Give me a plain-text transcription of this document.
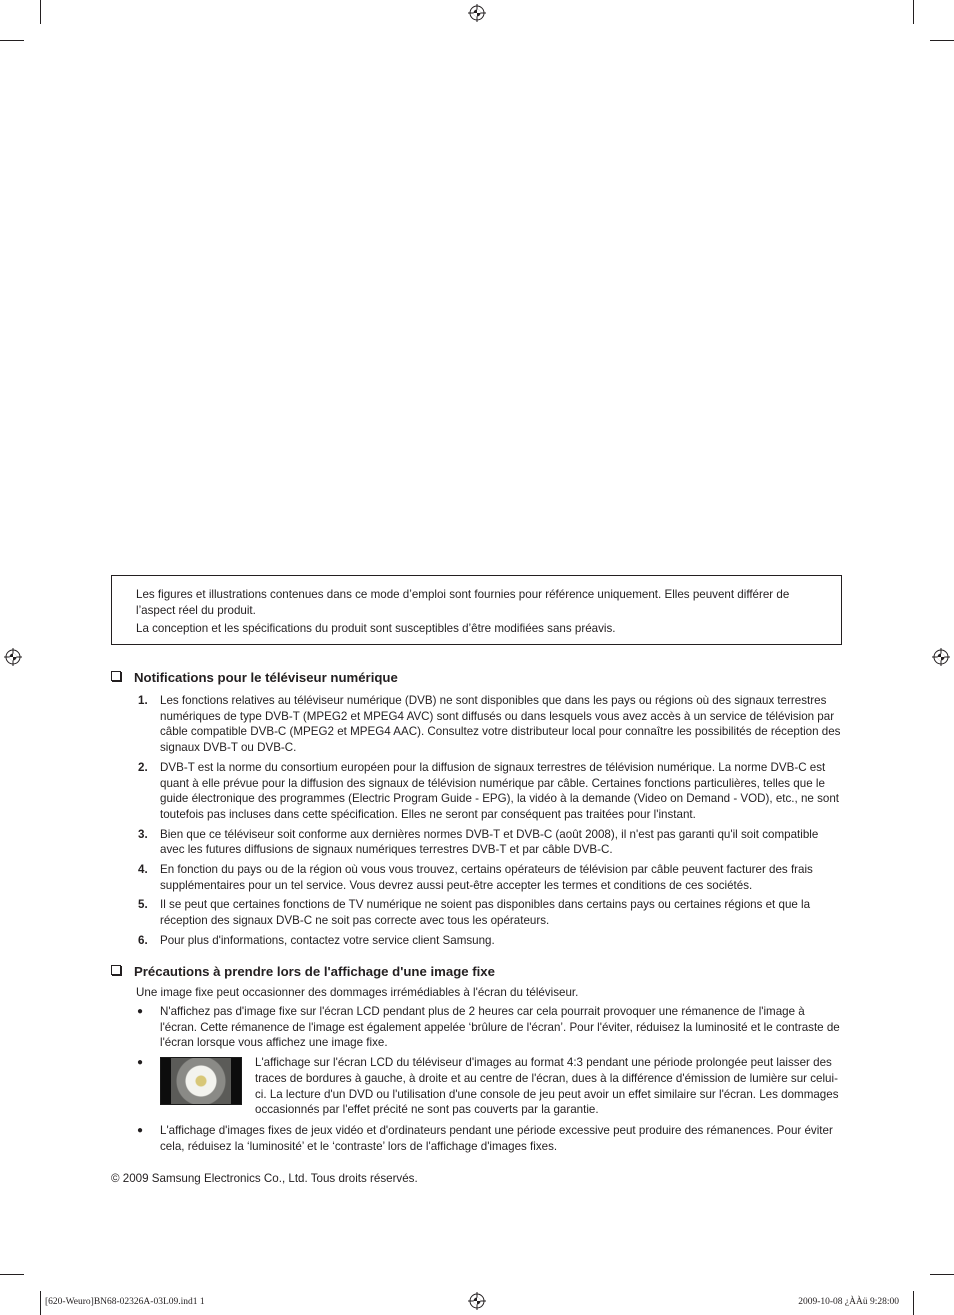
Les figures et illustrations contenues dans ce mode d’emploi sont fournies pour référence uniquement. Elles peuvent différer de l’aspect réel du produit.

La conception et les spécifications du produit sont susceptibles d’être modifiées sans préavis.

Notifications pour le téléviseur numérique
1. Les fonctions relatives au téléviseur numérique (DVB) ne sont disponibles que dans les pays ou régions où des signaux terrestres numériques de type DVB-T (MPEG2 et MPEG4 AVC) sont diffusés ou dans lesquels vous avez accès à un service de télévision par câble compatible DVB-C (MPEG2 et MPEG4 AAC). Consultez votre distributeur local pour connaître les possibilités de réception des signaux DVB-T ou DVB-C.
2. DVB-T est la norme du consortium européen pour la diffusion de signaux terrestres de télévision numérique. La norme DVB-C est quant à elle prévue pour la diffusion des signaux de télévision numérique par câble. Certaines fonctions particulières, telles que le guide électronique des programmes (Electric Program Guide - EPG), la vidéo à la demande (Video on Demand - VOD), etc., ne sont toutefois pas incluses dans cette spécification. Elles ne seront par conséquent pas traitées pour l'instant.
3. Bien que ce téléviseur soit conforme aux dernières normes DVB-T et DVB-C (août 2008), il n'est pas garanti qu'il soit compatible avec les futures diffusions de signaux numériques terrestres DVB-T et par câble DVB-C.
4. En fonction du pays ou de la région où vous vous trouvez, certains opérateurs de télévision par câble peuvent facturer des frais supplémentaires pour un tel service. Vous devrez aussi peut-être accepter les termes et conditions de ces sociétés.
5. Il se peut que certaines fonctions de TV numérique ne soient pas disponibles dans certains pays ou certaines régions et que la réception des signaux DVB-C ne soit pas correcte avec tous les opérateurs.
6. Pour plus d'informations, contactez votre service client Samsung.
Précautions à prendre lors de l'affichage d'une image fixe
Une image fixe peut occasionner des dommages irrémédiables à l'écran du téléviseur.
● N'affichez pas d'image fixe sur l'écran LCD pendant plus de 2 heures car cela pourrait provoquer une rémanence de l'image à l'écran. Cette rémanence de l'image est également appelée ‘brûlure de l'écran’. Pour l'éviter, réduisez la luminosité et le contraste de l'écran lorsque vous affichez une image fixe.
●	L'affichage sur l'écran LCD du téléviseur d'images au format 4:3 pendant une période prolongée peut laisser des traces de bordures à gauche, à droite et au centre de l'écran, dues à la différence d'émission de lumière sur celui-ci. La lecture d'un DVD ou l'utilisation d'une console de jeu peut avoir un effet similaire sur l'écran. Les dommages occasionnés par l'effet précité ne sont pas couverts par la garantie.
● L'affichage d'images fixes de jeux vidéo et d'ordinateurs pendant une période excessive peut produire des rémanences. Pour éviter cela, réduisez la ‘luminosité’ et le ‘contraste’ lors de l'affichage d'images fixes.
© 2009 Samsung Electronics Co., Ltd. Tous droits réservés.
[620-Weuro]BN68-02326A-03L09.ind1 1	2009-10-08 ¿ÀÀü 9:28:00
